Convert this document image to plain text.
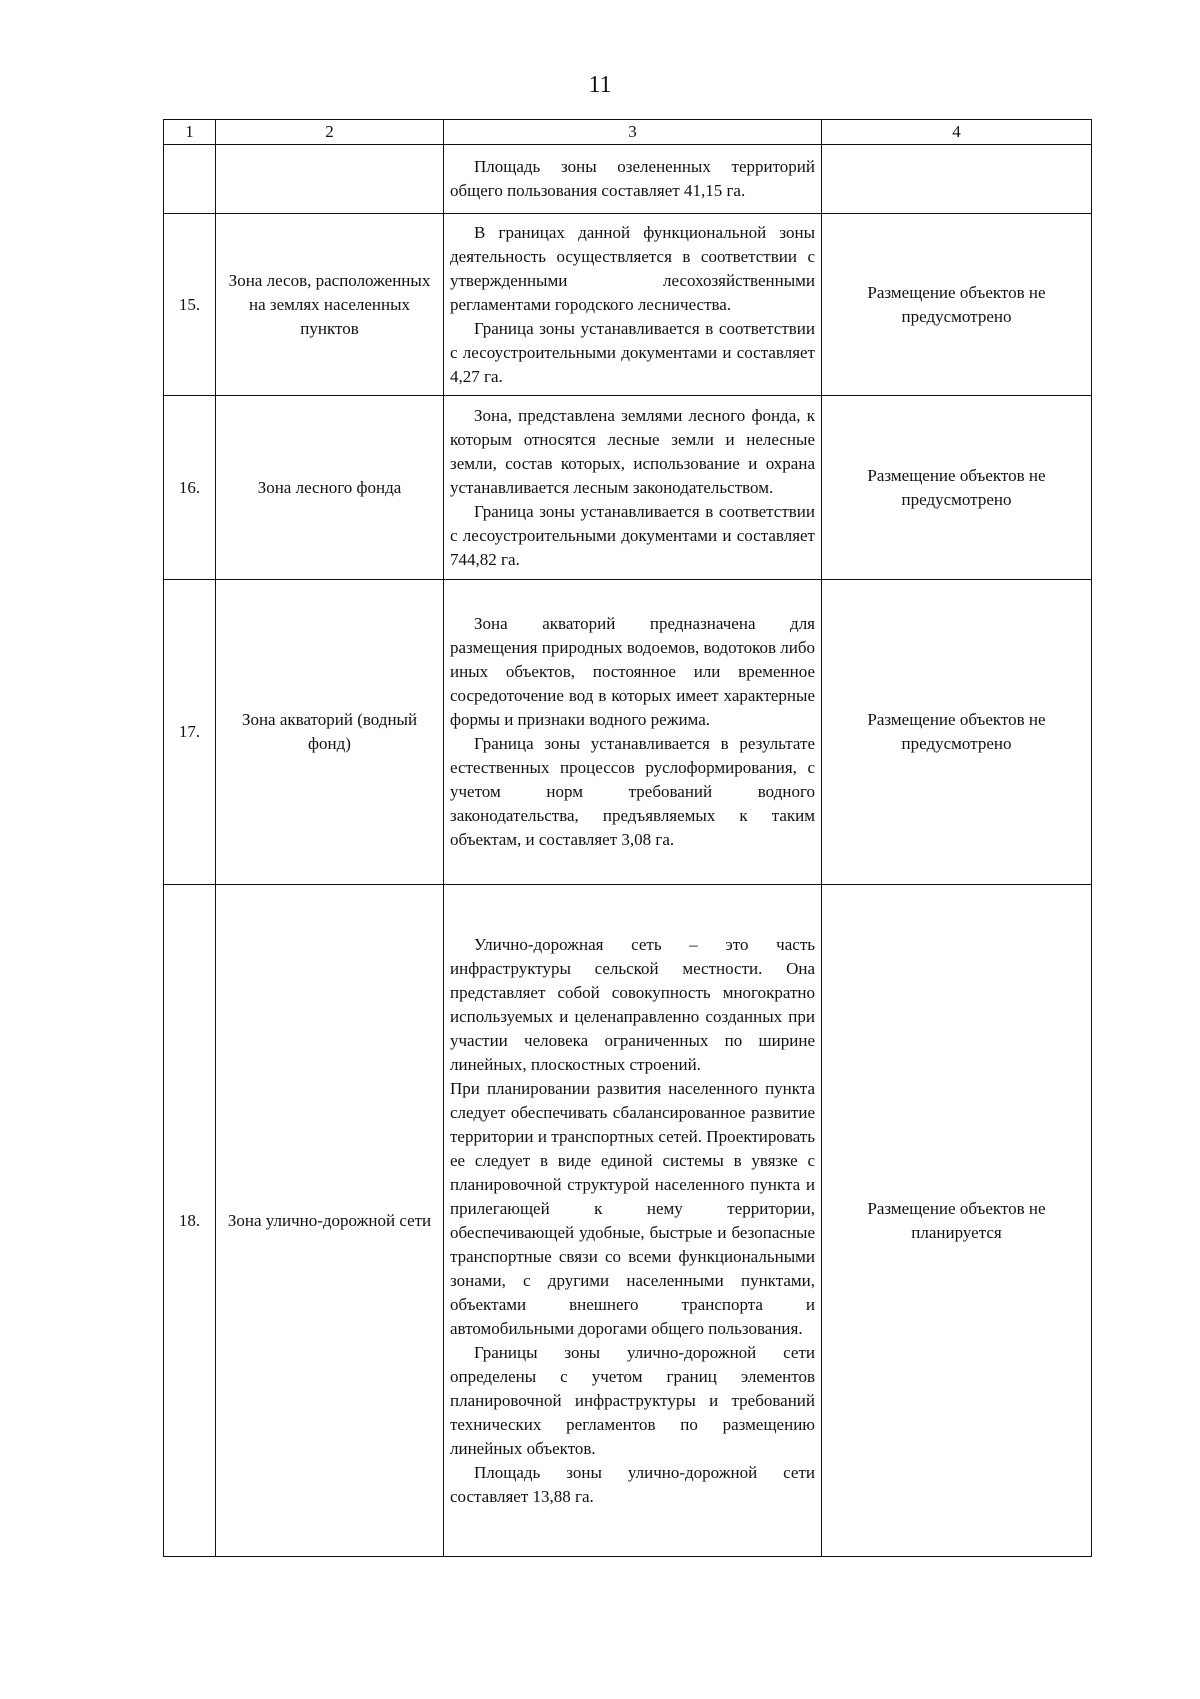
11
1	2	3	4

		Площадь зоны озелененных территорий общего пользования составляет 41,15 га.	

15.	Зона лесов, расположенных на землях населенных пунктов	В границах данной функциональной зоны деятельность осуществляется в соответствии с утвержденными лесохозяйственными регламентами городского лесничества.

Граница зоны устанавливается в соответствии с лесоустроительными документами и составляет 4,27 га.	Размещение объектов не предусмотрено
16.	Зона лесного фонда	Зона, представлена землями лесного фонда, к которым относятся лесные земли и нелесные земли, состав которых, использование и охрана устанавливается лесным законодательством.

Граница зоны устанавливается в соответствии с лесоустроительными документами и составляет 744,82 га.	Размещение объектов не предусмотрено
17.	Зона акваторий (водный фонд)	Зона акваторий предназначена для размещения природных водоемов, водотоков либо иных объектов, постоянное или временное сосредоточение вод в которых имеет характерные формы и признаки водного режима.

Граница зоны устанавливается в результате естественных процессов руслоформирования, с учетом норм требований водного законодательства, предъявляемых к таким объектам, и составляет 3,08 га.	Размещение объектов не предусмотрено
18.	Зона улично-дорожной сети	Улично-дорожная сеть – это часть инфраструктуры сельской местности. Она представляет собой совокупность многократно используемых и целенаправленно созданных при участии человека ограниченных по ширине линейных, плоскостных строений.

При планировании развития населенного пункта следует обеспечивать сбалансированное развитие территории и транспортных сетей. Проектировать ее следует в виде единой системы в увязке с планировочной структурой населенного пункта и прилегающей к нему территории, обеспечивающей удобные, быстрые и безопасные транспортные связи со всеми функциональными зонами, с другими населенными пунктами, объектами внешнего транспорта и автомобильными дорогами общего пользования.

Границы зоны улично-дорожной сети определены с учетом границ элементов планировочной инфраструктуры и требований технических регламентов по размещению линейных объектов.

Площадь зоны улично-дорожной сети составляет 13,88 га.	Размещение объектов не планируется
